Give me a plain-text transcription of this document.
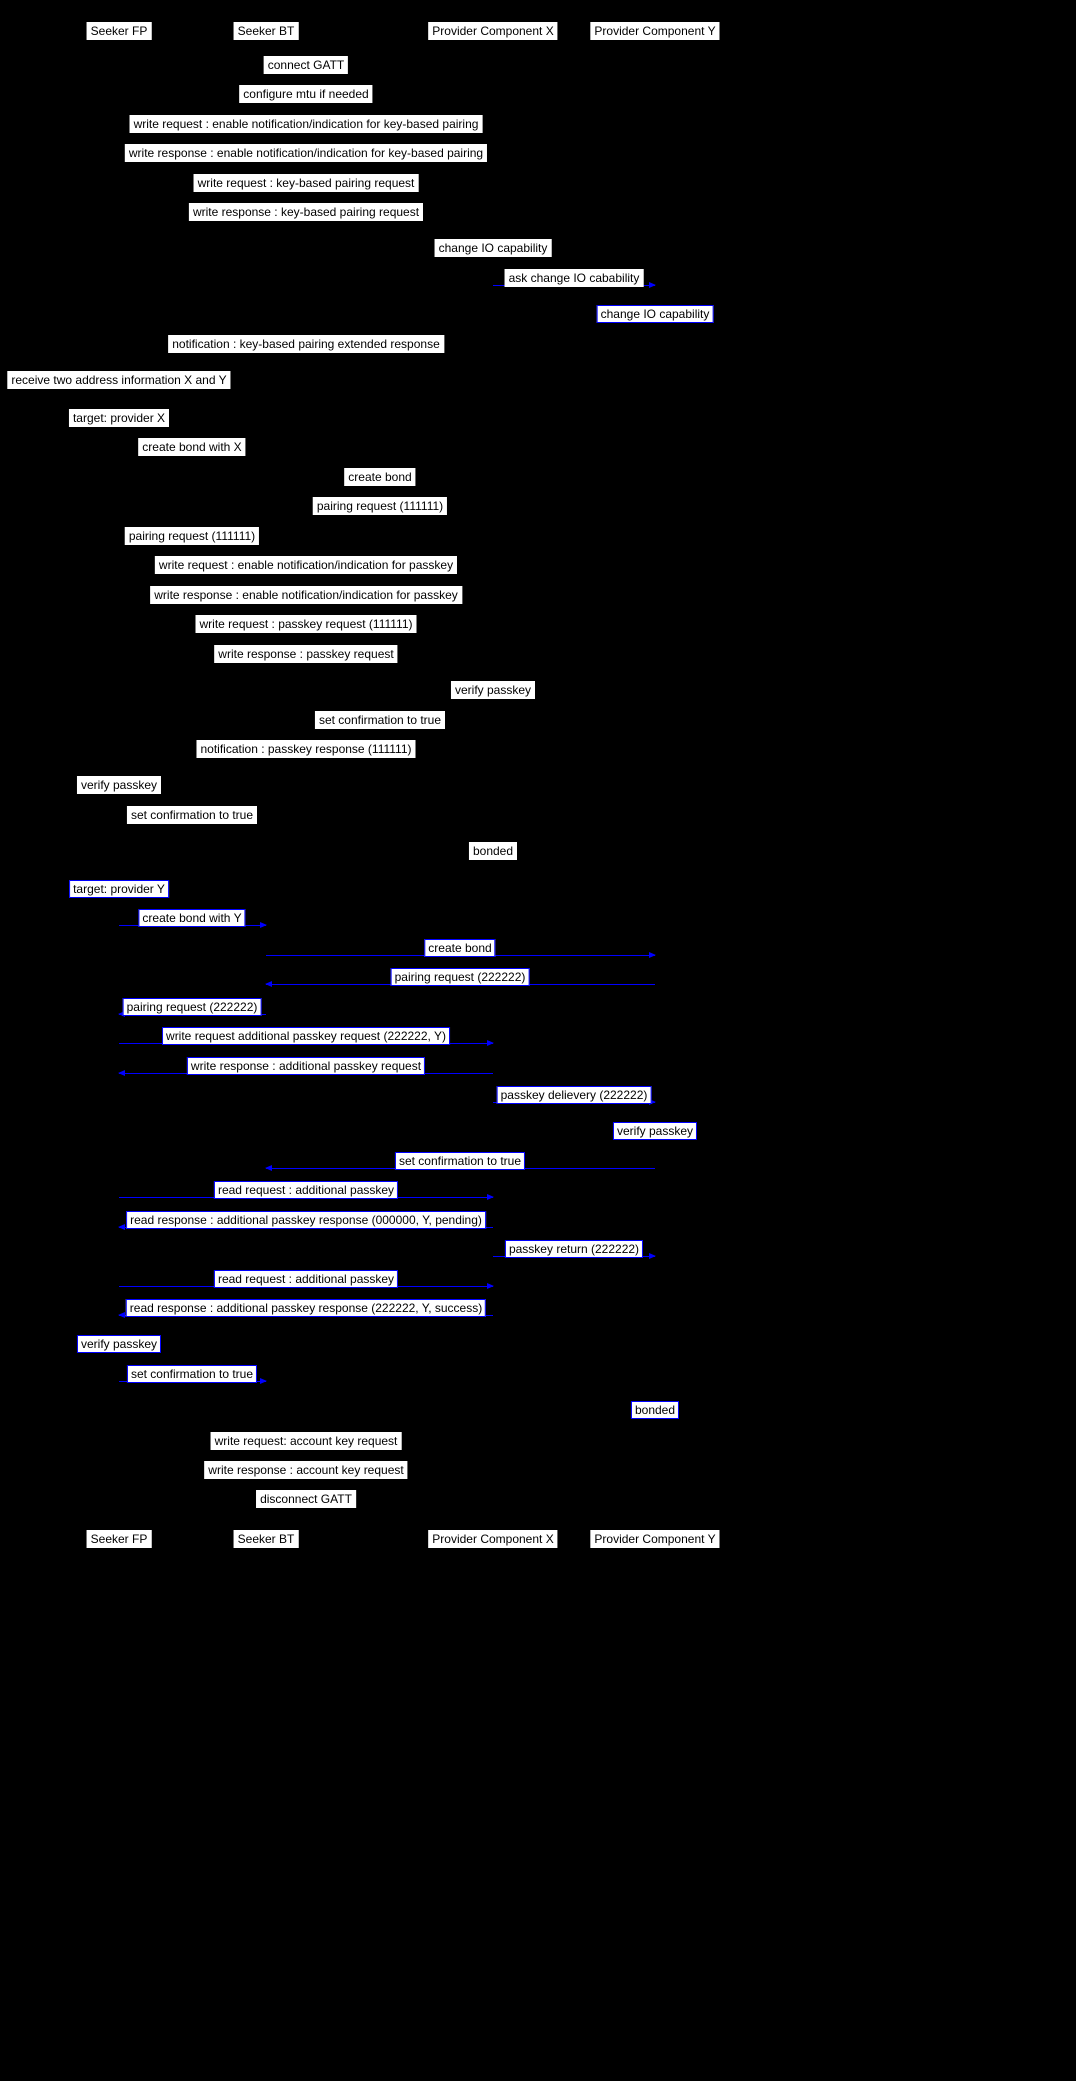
Seeker FP
Seeker FP
Seeker BT
Seeker BT
Provider Component X
Provider Component X
Provider Component Y
Provider Component Y
connect GATT
configure mtu if needed
write request : enable notification/indication for key-based pairing
write response : enable notification/indication for key-based pairing
write request : key-based pairing request
write response : key-based pairing request
change IO capability
ask change IO cabability
change IO capability
notification : key-based pairing extended response
receive two address information X and Y
target: provider X
create bond with X
create bond
pairing request (111111)
pairing request (111111)
write request : enable notification/indication for passkey
write response : enable notification/indication for passkey
write request : passkey request (111111)
write response : passkey request
verify passkey
set confirmation to true
notification : passkey response (111111)
verify passkey
set confirmation to true
bonded
target: provider Y
create bond with Y
create bond
pairing request (222222)
pairing request (222222)
write request additional passkey request (222222, Y)
write response : additional passkey request
passkey delievery (222222)
verify passkey
set confirmation to true
read request : additional passkey
read response : additional passkey response (000000, Y, pending)
passkey return (222222)
read request : additional passkey
read response : additional passkey response (222222, Y, success)
verify passkey
set confirmation to true
bonded
write request: account key request
write response : account key request
disconnect GATT
